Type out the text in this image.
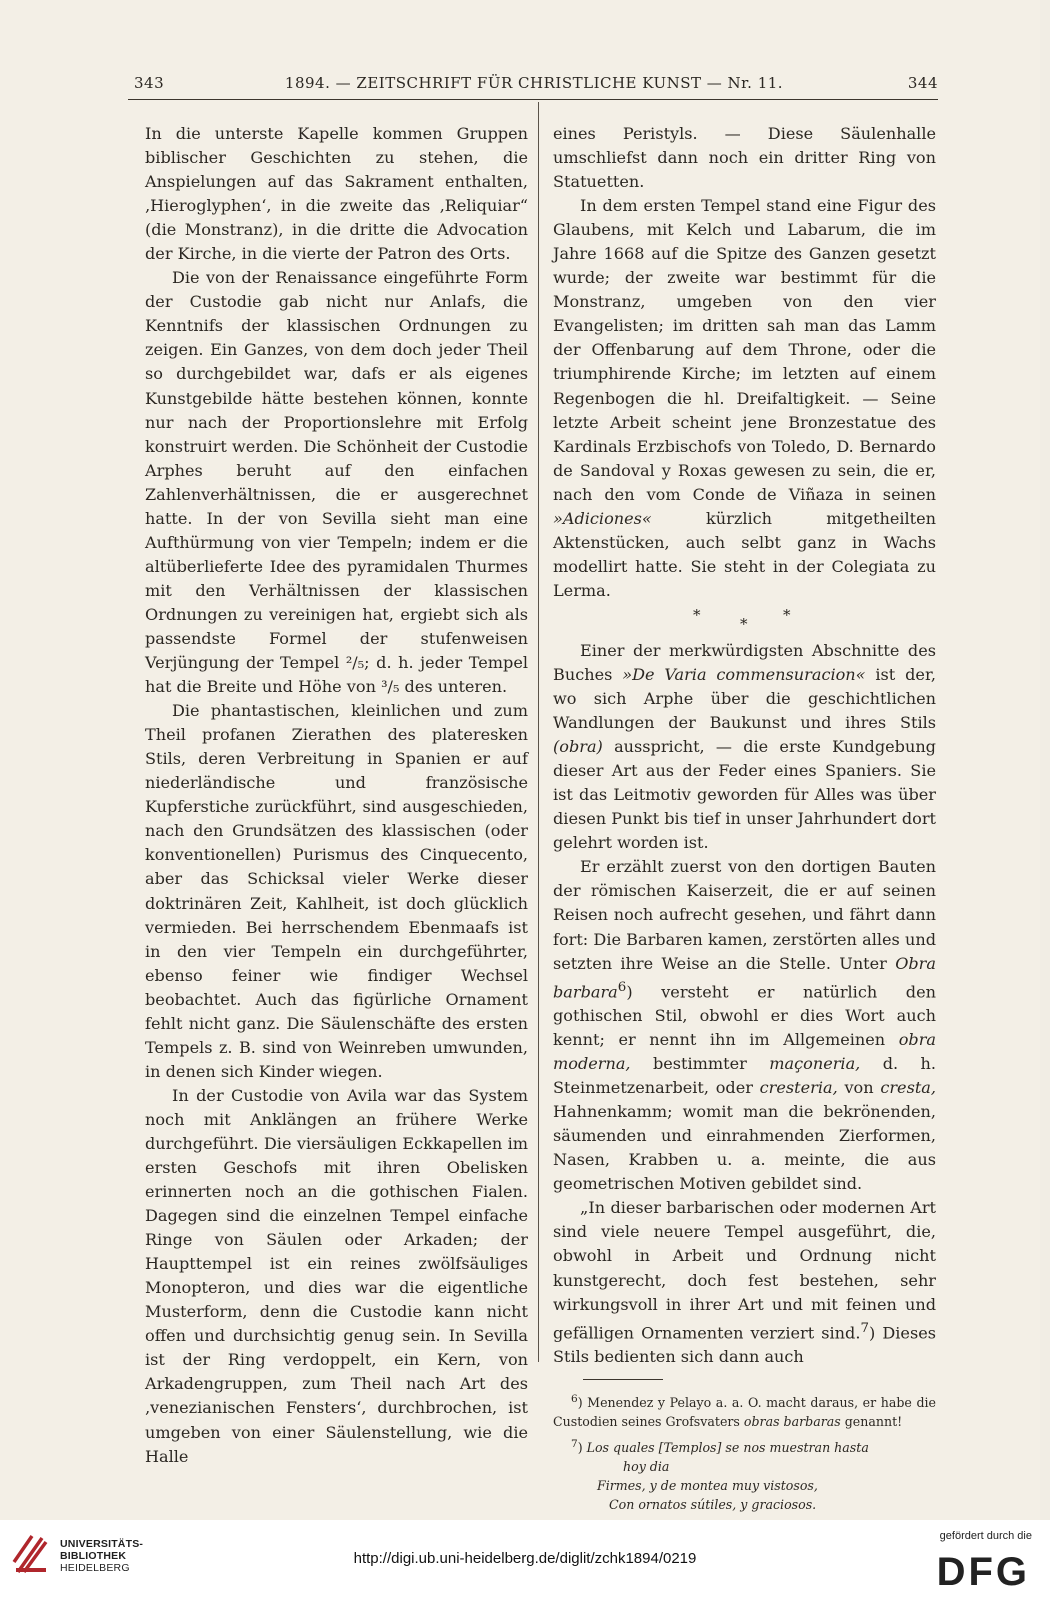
343	1894. — ZEITSCHRIFT FÜR CHRISTLICHE KUNST — Nr. 11.	344

In die unterste Kapelle kommen Gruppen biblischer Geschichten zu stehen, die Anspielungen auf das Sakrament enthalten, ‚Hieroglyphen‘, in die zweite das ‚Reliquiar“ (die Monstranz), in die dritte die Advocation der Kirche, in die vierte der Patron des Orts.

Die von der Renaissance eingeführte Form der Custodie gab nicht nur Anlafs, die Kenntnifs der klassischen Ordnungen zu zeigen. Ein Ganzes, von dem doch jeder Theil so durchgebildet war, dafs er als eigenes Kunstgebilde hätte bestehen können, konnte nur nach der Proportionslehre mit Erfolg konstruirt werden. Die Schönheit der Custodie Arphes beruht auf den einfachen Zahlenverhältnissen, die er ausgerechnet hatte. In der von Sevilla sieht man eine Aufthürmung von vier Tempeln; indem er die altüberlieferte Idee des pyramidalen Thurmes mit den Verhältnissen der klassischen Ordnungen zu vereinigen hat, ergiebt sich als passendste Formel der stufenweisen Verjüngung der Tempel ²/₅; d. h. jeder Tempel hat die Breite und Höhe von ³/₅ des unteren.

Die phantastischen, kleinlichen und zum Theil profanen Zierathen des plateresken Stils, deren Verbreitung in Spanien er auf niederländische und französische Kupferstiche zurückführt, sind ausgeschieden, nach den Grundsätzen des klassischen (oder konventionellen) Purismus des Cinquecento, aber das Schicksal vieler Werke dieser doktrinären Zeit, Kahlheit, ist doch glücklich vermieden. Bei herrschendem Ebenmaafs ist in den vier Tempeln ein durchgeführter, ebenso feiner wie findiger Wechsel beobachtet. Auch das figürliche Ornament fehlt nicht ganz. Die Säulenschäfte des ersten Tempels z. B. sind von Weinreben umwunden, in denen sich Kinder wiegen.

In der Custodie von Avila war das System noch mit Anklängen an frühere Werke durchgeführt. Die viersäuligen Eckkapellen im ersten Geschofs mit ihren Obelisken erinnerten noch an die gothischen Fialen. Dagegen sind die einzelnen Tempel einfache Ringe von Säulen oder Arkaden; der Haupttempel ist ein reines zwölfsäuliges Monopteron, und dies war die eigentliche Musterform, denn die Custodie kann nicht offen und durchsichtig genug sein. In Sevilla ist der Ring verdoppelt, ein Kern, von Arkadengruppen, zum Theil nach Art des ‚venezianischen Fensters‘, durchbrochen, ist umgeben von einer Säulenstellung, wie die Halle

eines Peristyls. — Diese Säulenhalle umschliefst dann noch ein dritter Ring von Statuetten.

In dem ersten Tempel stand eine Figur des Glaubens, mit Kelch und Labarum, die im Jahre 1668 auf die Spitze des Ganzen gesetzt wurde; der zweite war bestimmt für die Monstranz, umgeben von den vier Evangelisten; im dritten sah man das Lamm der Offenbarung auf dem Throne, oder die triumphirende Kirche; im letzten auf einem Regenbogen die hl. Dreifaltigkeit. — Seine letzte Arbeit scheint jene Bronzestatue des Kardinals Erzbischofs von Toledo, D. Bernardo de Sandoval y Roxas gewesen zu sein, die er, nach den vom Conde de Viñaza in seinen »Adiciones«	kürzlich mitgetheilten Aktenstücken, auch selbt ganz in Wachs modellirt hatte. Sie steht in der Colegiata zu Lerma.

*	* *

Einer der merkwürdigsten Abschnitte des Buches »De Varia commensuracion« ist der, wo sich Arphe über die geschichtlichen Wandlungen der Baukunst und ihres Stils (obra) ausspricht, — die erste Kundgebung dieser Art aus der Feder eines Spaniers. Sie ist das Leitmotiv geworden für Alles was über diesen Punkt bis tief in unser Jahrhundert dort gelehrt worden ist.

Er erzählt zuerst von den dortigen Bauten der römischen Kaiserzeit, die er auf seinen Reisen noch aufrecht gesehen, und fährt dann fort: Die Barbaren kamen, zerstörten alles und setzten ihre Weise an die Stelle. Unter Obra barbara$^6$) versteht er natürlich den gothischen Stil, obwohl er dies Wort auch kennt; er nennt ihn im Allgemeinen obra moderna, bestimmter maçoneria, d. h. Steinmetzenarbeit, oder cresteria, von cresta, Hahnenkamm; womit man die bekrönenden, säumenden und einrahmenden Zierformen, Nasen, Krabben u. a. meinte, die aus geometrischen Motiven gebildet sind.

„In dieser barbarischen oder modernen Art sind viele neuere Tempel ausgeführt, die, obwohl in Arbeit und Ordnung nicht kunstgerecht, doch fest bestehen, sehr wirkungsvoll in ihrer Art und mit feinen und gefälligen Ornamenten verziert sind.$^7$) Dieses Stils bedienten sich dann auch

$^6$) Menendez y Pelayo a. a. O. macht daraus, er habe die Custodien seines Grofsvaters obras barbaras genannt!

$^7$) Los quales [Templos] se nos muestran hasta

hoy dia

Firmes, y de montea muy vistosos,

Con ornatos sútiles, y graciosos.

UNIVERSITÄTS-
BIBLIOTHEK
HEIDELBERG
http://digi.ub.uni-heidelberg.de/diglit/zchk1894/0219
gefördert durch die
DFG
